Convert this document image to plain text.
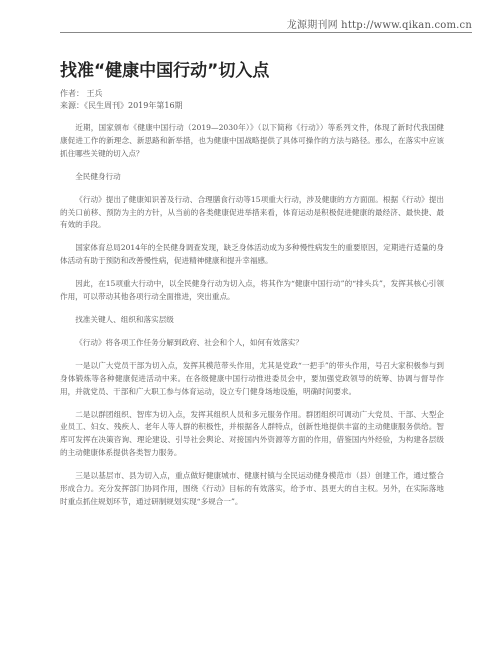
龙源期刊网 http://www.qikan.com.cn
找准“健康中国行动”切入点
作者： 王兵
来源：《民生周刊》2019年第16期

近期，国家颁布《健康中国行动（2019—2030年）》（以下简称《行动》）等系列文件，体现了新时代我国健康促进工作的新理念、新思路和新举措，也为健康中国战略提供了具体可操作的方法与路径。那么，在落实中应该抓住哪些关键的切入点？

全民健身行动

《行动》提出了健康知识普及行动、合理膳食行动等15项重大行动，涉及健康的方方面面。根据《行动》提出的关口前移、预防为主的方针，从当前的各类健康促进举措来看，体育运动是积极促进健康的最经济、最快捷、最有效的手段。

国家体育总局2014年的全民健身调查发现，缺乏身体活动成为多种慢性病发生的重要原因，定期进行适量的身体活动有助于预防和改善慢性病，促进精神健康和提升幸福感。

因此，在15项重大行动中，以全民健身行动为切入点，将其作为“健康中国行动”的“排头兵”，发挥其核心引领作用，可以带动其他各项行动全面推进，突出重点。

找准关键人、组织和落实层级

《行动》将各项工作任务分解到政府、社会和个人，如何有效落实？

一是以广大党员干部为切入点，发挥其模范带头作用，尤其是党政“一把手”的带头作用，号召大家积极参与到身体锻炼等各种健康促进活动中来。在各级健康中国行动推进委员会中，要加强党政领导的统筹、协调与督导作用，并就党员、干部和广大职工参与体育运动，设立专门健身场地设施，明确时间要求。

二是以群团组织、智库为切入点，发挥其组织人员和多元服务作用。群团组织可调动广大党员、干部、大型企业员工、妇女、残疾人、老年人等人群的积极性，并根据各人群特点，创新性地提供丰富的主动健康服务供给。智库可发挥在决策咨询、理论建设、引导社会舆论、对接国内外资源等方面的作用，借鉴国内外经验，为构建各层级的主动健康体系提供各类智力服务。

三是以基层市、县为切入点，重点做好健康城市、健康村镇与全民运动健身模范市（县）创建工作，通过整合形成合力。充分发挥部门协同作用，围绕《行动》目标的有效落实，给予市、县更大的自主权。另外，在实际落地时重点抓住规划环节，通过研制规划实现“多规合一”。
